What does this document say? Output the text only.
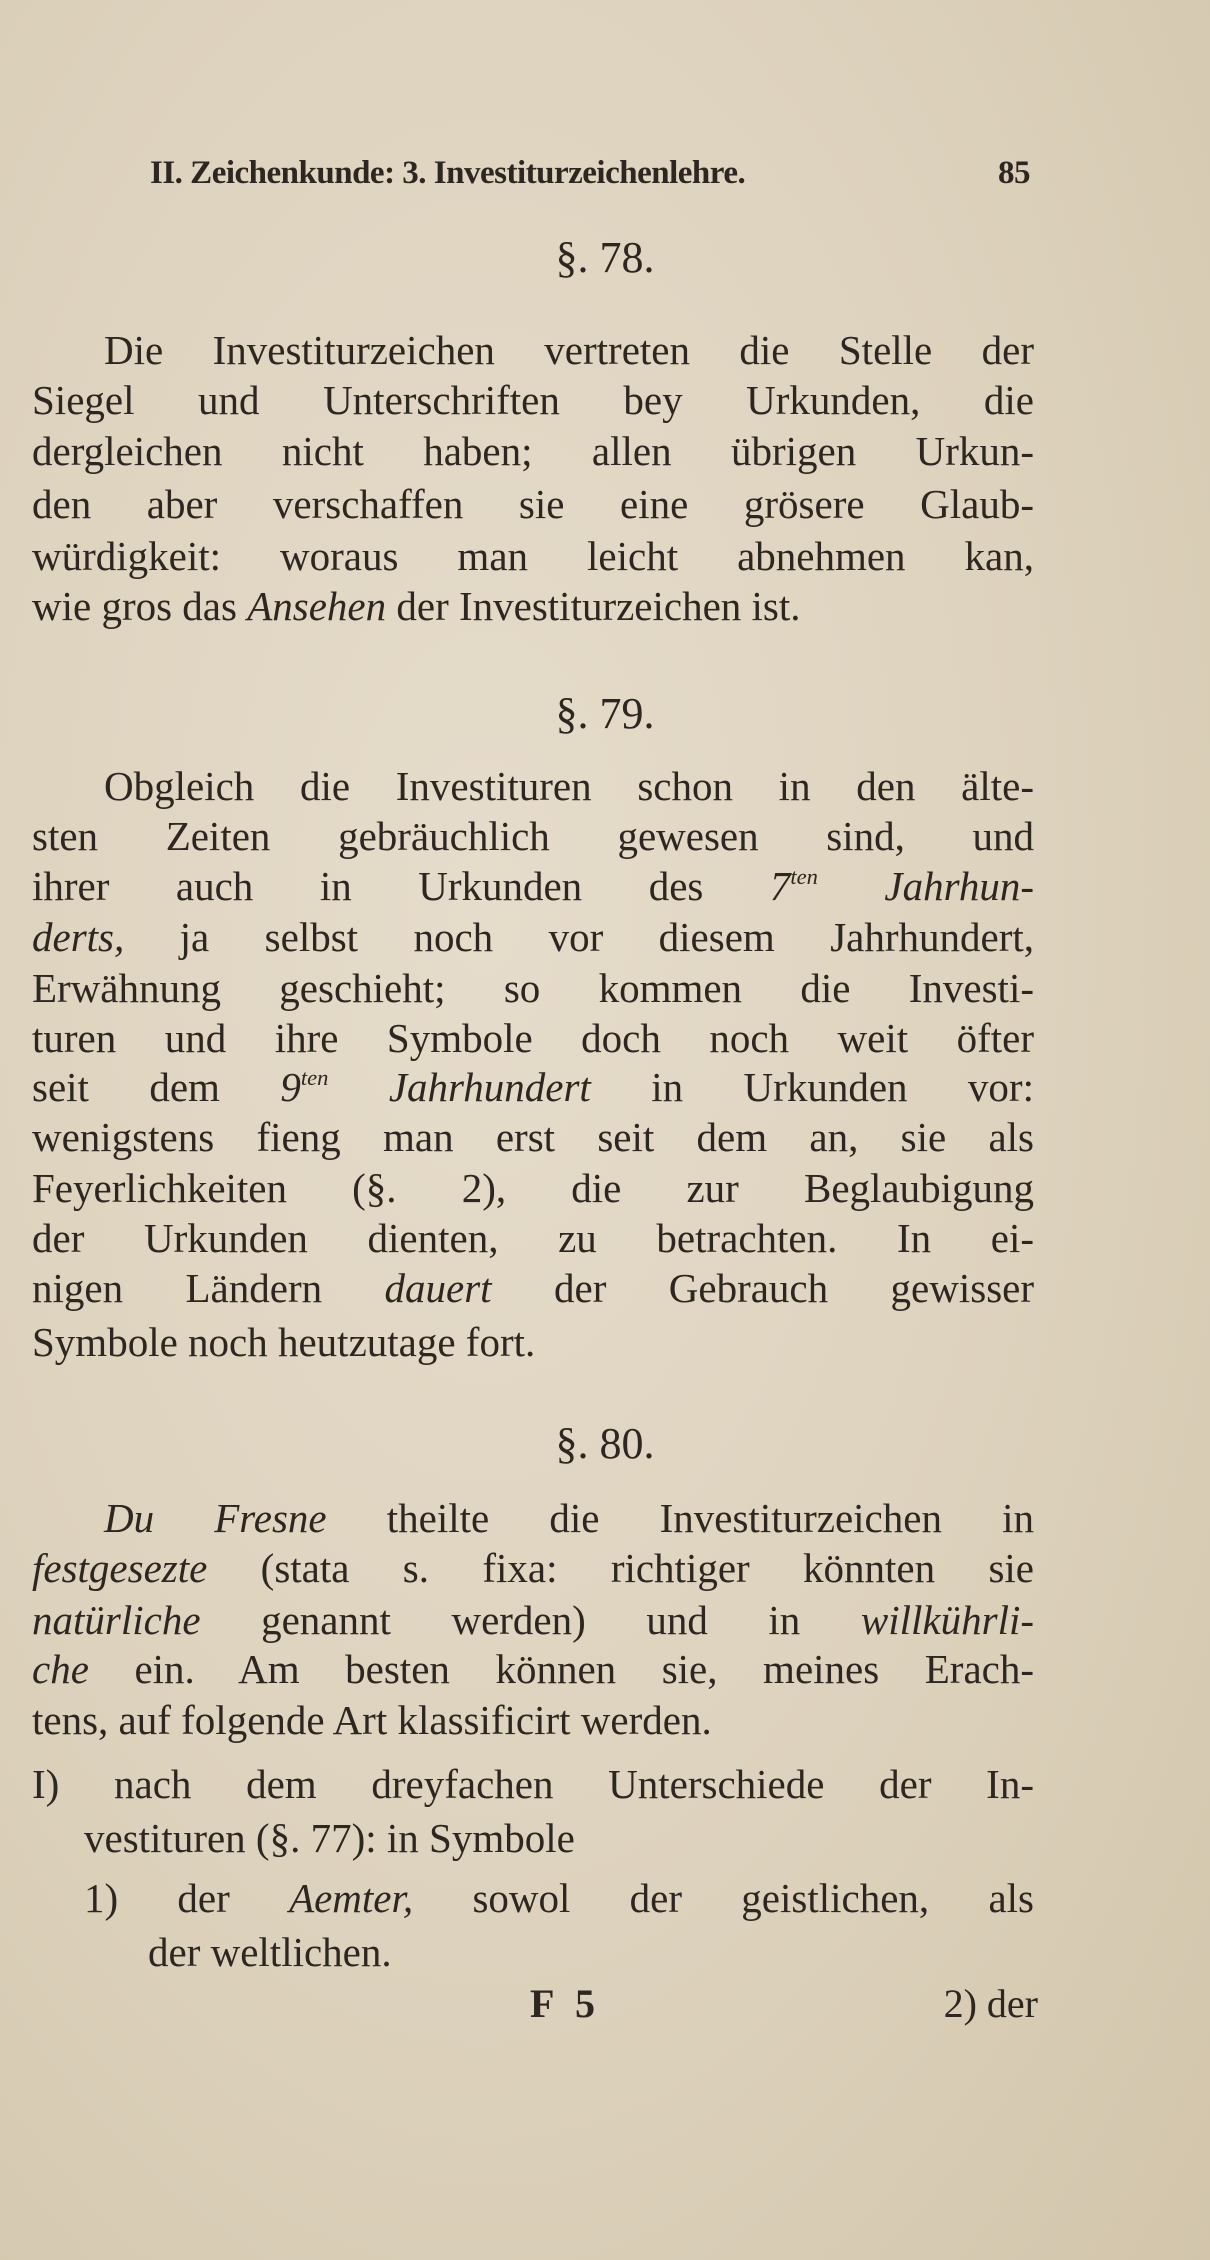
II. Zeichenkunde: 3. Investiturzeichenlehre.	85
§. 78.
Die Investiturzeichen vertreten die Stelle der
Siegel und Unterschriften bey Urkunden, die
dergleichen nicht haben; allen übrigen Urkun-
den aber verschaffen sie eine grösere Glaub-
würdigkeit: woraus man leicht abnehmen kan,
wie gros das Ansehen der Investiturzeichen ist.
§. 79.
Obgleich die Investituren schon in den älte-
sten Zeiten gebräuchlich gewesen sind, und
ihrer auch in Urkunden des $7^{ten}$ Jahrhun-
derts, ja selbst noch vor diesem Jahrhundert,
Erwähnung geschieht; so kommen die Investi-
turen und ihre Symbole doch noch weit öfter
seit dem $9^{ten}$ Jahrhundert in Urkunden vor:
wenigstens fieng man erst seit dem an, sie als
Feyerlichkeiten (§. 2), die zur Beglaubigung
der Urkunden dienten, zu betrachten. In ei-
nigen Ländern dauert der Gebrauch gewisser
Symbole noch heutzutage fort.
§. 80.
Du Fresne theilte die Investiturzeichen in
festgesezte (stata s. fixa: richtiger könnten sie
natürliche genannt werden) und in willkührli-
che ein. Am besten können sie, meines Erach-
tens, auf folgende Art klassificirt werden.
I) nach dem dreyfachen Unterschiede der In-
vestituren (§. 77): in Symbole
1) der Aemter, sowol der geistlichen, als
der weltlichen.
F 5	2) der
